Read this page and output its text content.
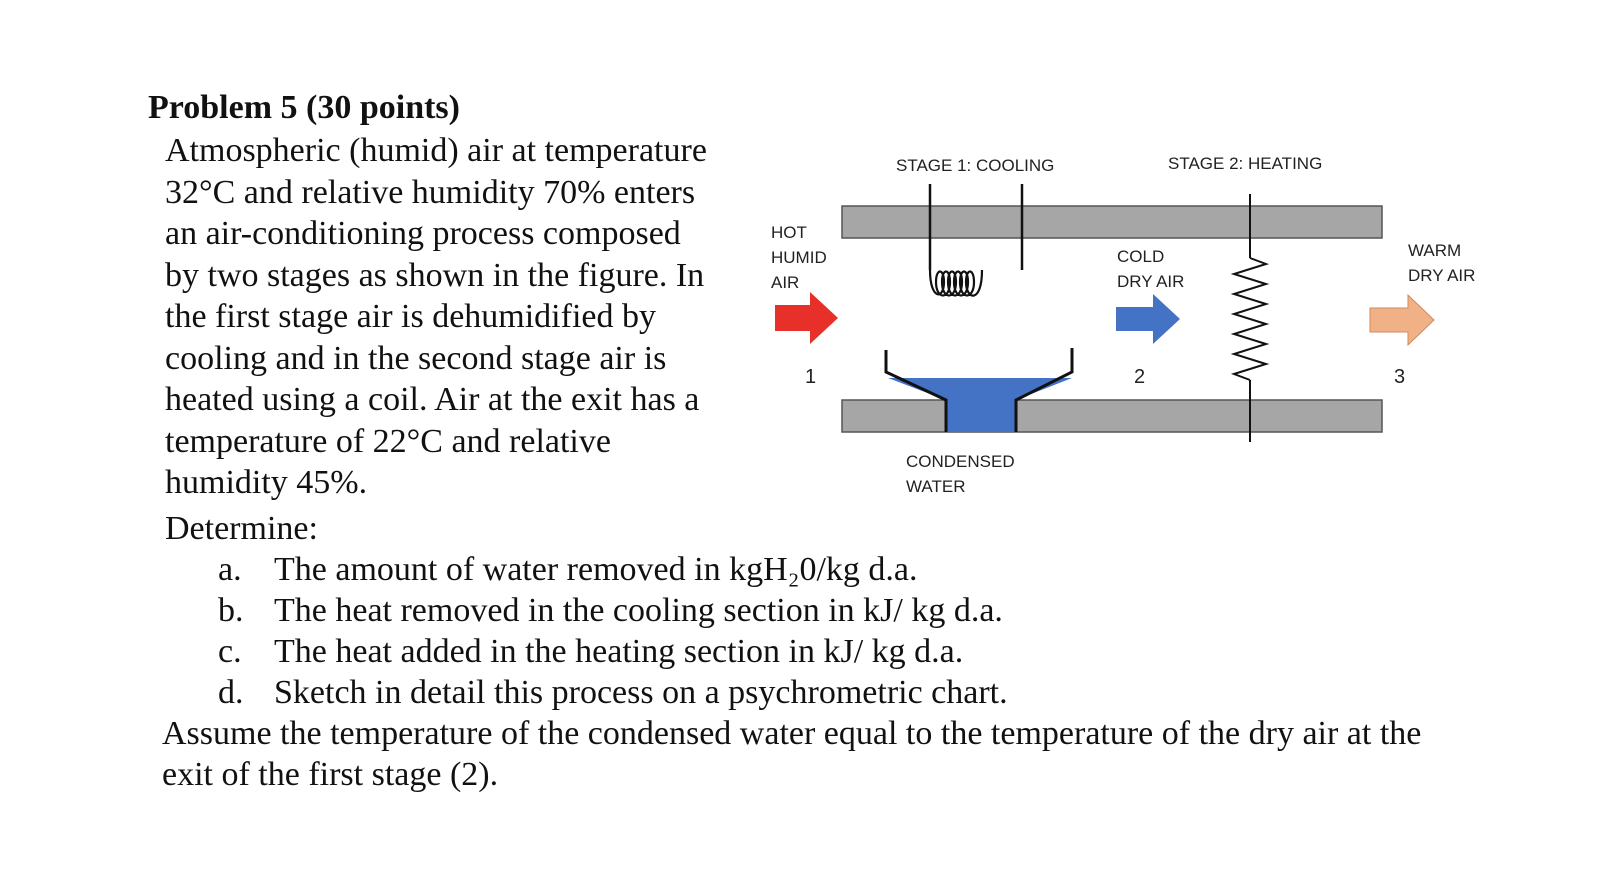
Problem 5 (30 points)
Atmospheric (humid) air at temperature
32°C and relative humidity 70% enters
an air-conditioning process composed
by two stages as shown in the figure. In
the first stage air is dehumidified by
cooling and in the second stage air is
heated using a coil. Air at the exit has a
temperature of 22°C and relative
humidity 45%.
Determine:
a. The amount of water removed in kgH₂0/kg d.a.
b. The heat removed in the cooling section in kJ/ kg d.a.
c. The heat added in the heating section in kJ/ kg d.a.
d. Sketch in detail this process on a psychrometric chart.
Assume the temperature of the condensed water equal to the temperature of the dry air at the
exit of the first stage (2).
STAGE 1: COOLING	STAGE 2: HEATING
HOT
HUMID
AIR
COLD
DRY AIR
WARM
DRY AIR
1	2	3
CONDENSED
WATER
